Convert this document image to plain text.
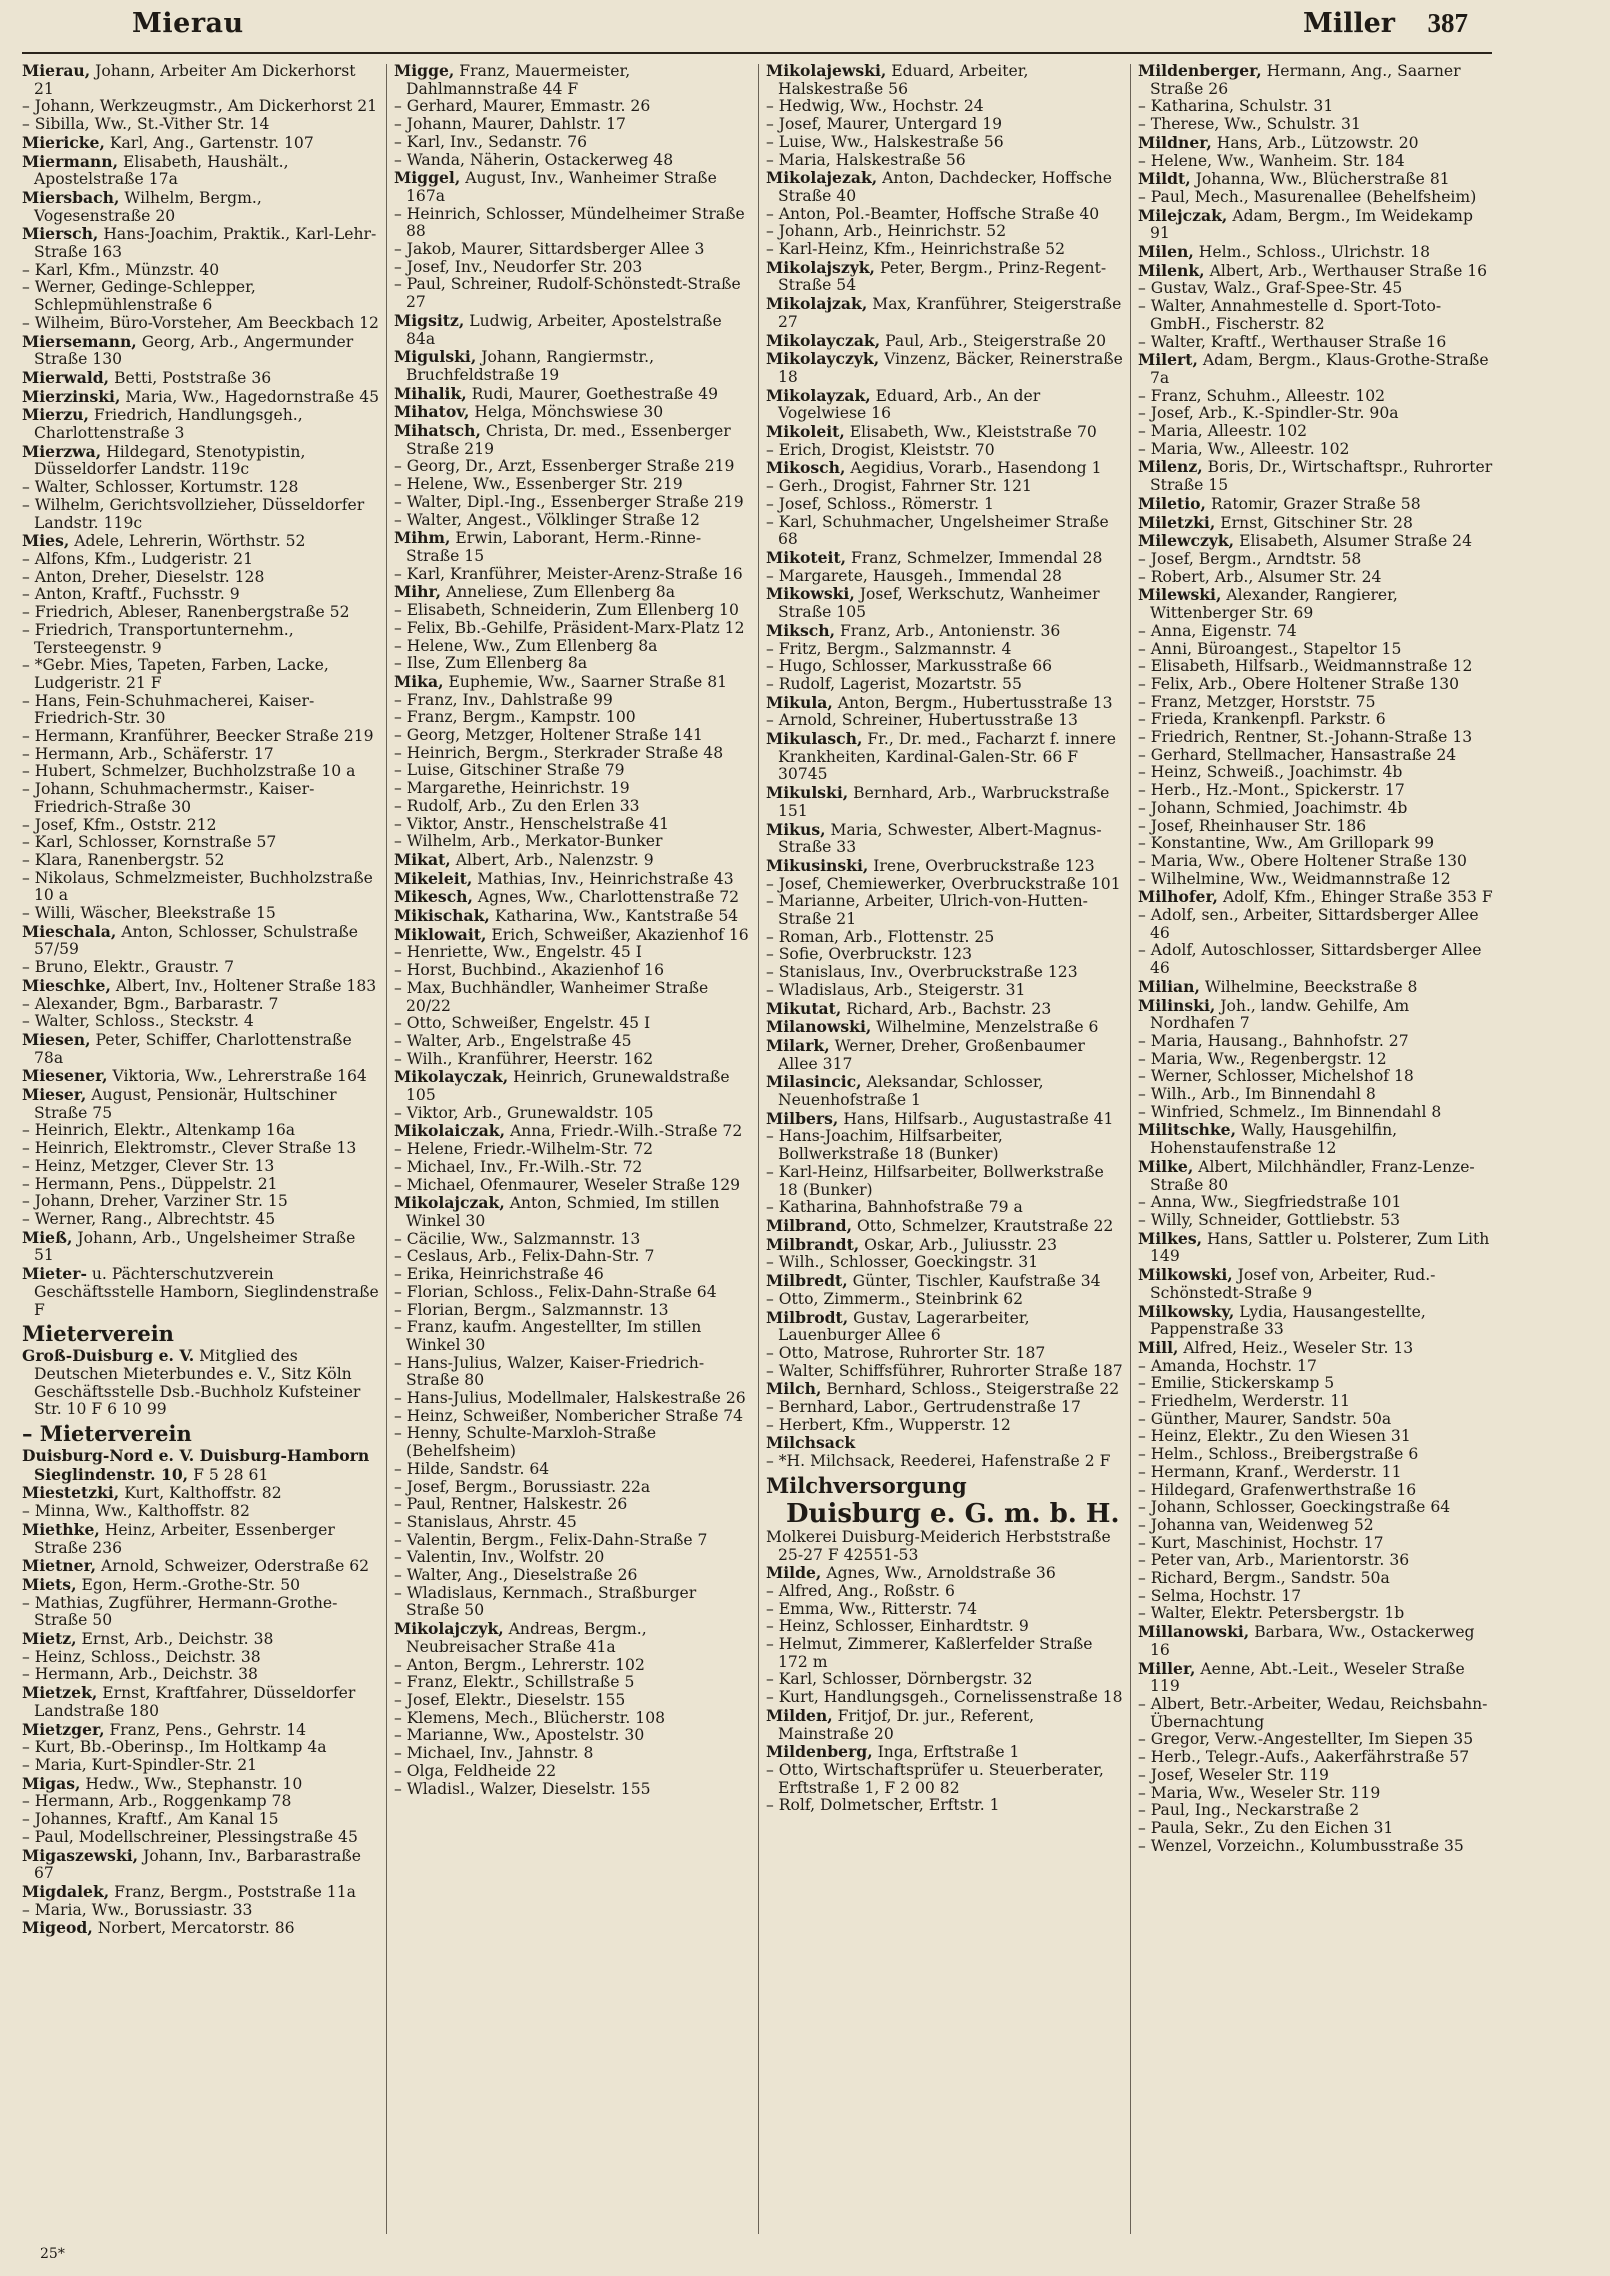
Mierau	Miller 387
Mierau, Johann, Arbeiter Am Dickerhorst 21
– Johann, Werkzeugmstr., Am Dickerhorst 21
– Sibilla, Ww., St.-Vither Str. 14
Miericke, Karl, Ang., Gartenstr. 107
Miermann, Elisabeth, Haushält., Apostelstraße 17a
Miersbach, Wilhelm, Bergm., Vogesenstraße 20
Miersch, Hans-Joachim, Praktik., Karl-Lehr-Straße 163
– Karl, Kfm., Münzstr. 40
– Werner, Gedinge-Schlepper, Schlepmühlenstraße 6
– Wilheim, Büro-Vorsteher, Am Beeckbach 12
Miersemann, Georg, Arb., Angermunder Straße 130
Mierwald, Betti, Poststraße 36
Mierzinski, Maria, Ww., Hagedornstraße 45
Mierzu, Friedrich, Handlungsgeh., Charlottenstraße 3
Mierzwa, Hildegard, Stenotypistin, Düsseldorfer Landstr. 119c
– Walter, Schlosser, Kortumstr. 128
– Wilhelm, Gerichtsvollzieher, Düsseldorfer Landstr. 119c
Mies, Adele, Lehrerin, Wörthstr. 52
– Alfons, Kfm., Ludgeristr. 21
– Anton, Dreher, Dieselstr. 128
– Anton, Kraftf., Fuchsstr. 9
– Friedrich, Ableser, Ranenbergstraße 52
– Friedrich, Transportunternehm., Tersteegenstr. 9
– *Gebr. Mies, Tapeten, Farben, Lacke, Ludgeristr. 21 F
– Hans, Fein-Schuhmacherei, Kaiser-Friedrich-Str. 30
– Hermann, Kranführer, Beecker Straße 219
– Hermann, Arb., Schäferstr. 17
– Hubert, Schmelzer, Buchholzstraße 10 a
– Johann, Schuhmachermstr., Kaiser-Friedrich-Straße 30
– Josef, Kfm., Oststr. 212
– Karl, Schlosser, Kornstraße 57
– Klara, Ranenbergstr. 52
– Nikolaus, Schmelzmeister, Buchholzstraße 10 a
– Willi, Wäscher, Bleekstraße 15
Mieschala, Anton, Schlosser, Schulstraße 57/59
– Bruno, Elektr., Graustr. 7
Mieschke, Albert, Inv., Holtener Straße 183
– Alexander, Bgm., Barbarastr. 7
– Walter, Schloss., Steckstr. 4
Miesen, Peter, Schiffer, Charlottenstraße 78a
Miesener, Viktoria, Ww., Lehrerstraße 164
Mieser, August, Pensionär, Hultschiner Straße 75
– Heinrich, Elektr., Altenkamp 16a
– Heinrich, Elektromstr., Clever Straße 13
– Heinz, Metzger, Clever Str. 13
– Hermann, Pens., Düppelstr. 21
– Johann, Dreher, Varziner Str. 15
– Werner, Rang., Albrechtstr. 45
Mieß, Johann, Arb., Ungelsheimer Straße 51
Mieter- u. Pächterschutzverein Geschäftsstelle Hamborn, Sieglindenstraße F
Mieterverein
Groß-Duisburg e. V. Mitglied des Deutschen Mieterbundes e. V., Sitz Köln Geschäftsstelle Dsb.-Buchholz Kufsteiner Str. 10 F 6 10 99
– Mieterverein
Duisburg-Nord e. V. Duisburg-Hamborn Sieglindenstr. 10, F 5 28 61
Miestetzki, Kurt, Kalthoffstr. 82
– Minna, Ww., Kalthoffstr. 82
Miethke, Heinz, Arbeiter, Essenberger Straße 236
Mietner, Arnold, Schweizer, Oderstraße 62
Miets, Egon, Herm.-Grothe-Str. 50
– Mathias, Zugführer, Hermann-Grothe-Straße 50
Mietz, Ernst, Arb., Deichstr. 38
– Heinz, Schloss., Deichstr. 38
– Hermann, Arb., Deichstr. 38
Mietzek, Ernst, Kraftfahrer, Düsseldorfer Landstraße 180
Mietzger, Franz, Pens., Gehrstr. 14
– Kurt, Bb.-Oberinsp., Im Holtkamp 4a
– Maria, Kurt-Spindler-Str. 21
Migas, Hedw., Ww., Stephanstr. 10
– Hermann, Arb., Roggenkamp 78
– Johannes, Kraftf., Am Kanal 15
– Paul, Modellschreiner, Plessingstraße 45
Migaszewski, Johann, Inv., Barbarastraße 67
Migdalek, Franz, Bergm., Poststraße 11a
– Maria, Ww., Borussiastr. 33
Migeod, Norbert, Mercatorstr. 86
Migge, Franz, Mauermeister, Dahlmannstraße 44 F
– Gerhard, Maurer, Emmastr. 26
– Johann, Maurer, Dahlstr. 17
– Karl, Inv., Sedanstr. 76
– Wanda, Näherin, Ostackerweg 48
Miggel, August, Inv., Wanheimer Straße 167a
– Heinrich, Schlosser, Mündelheimer Straße 88
– Jakob, Maurer, Sittardsberger Allee 3
– Josef, Inv., Neudorfer Str. 203
– Paul, Schreiner, Rudolf-Schönstedt-Straße 27
Migsitz, Ludwig, Arbeiter, Apostelstraße 84a
Migulski, Johann, Rangiermstr., Bruchfeldstraße 19
Mihalik, Rudi, Maurer, Goethestraße 49
Mihatov, Helga, Mönchswiese 30
Mihatsch, Christa, Dr. med., Essenberger Straße 219
– Georg, Dr., Arzt, Essenberger Straße 219
– Helene, Ww., Essenberger Str. 219
– Walter, Dipl.-Ing., Essenberger Straße 219
– Walter, Angest., Völklinger Straße 12
Mihm, Erwin, Laborant, Herm.-Rinne-Straße 15
– Karl, Kranführer, Meister-Arenz-Straße 16
Mihr, Anneliese, Zum Ellenberg 8a
– Elisabeth, Schneiderin, Zum Ellenberg 10
– Felix, Bb.-Gehilfe, Präsident-Marx-Platz 12
– Helene, Ww., Zum Ellenberg 8a
– Ilse, Zum Ellenberg 8a
Mika, Euphemie, Ww., Saarner Straße 81
– Franz, Inv., Dahlstraße 99
– Franz, Bergm., Kampstr. 100
– Georg, Metzger, Holtener Straße 141
– Heinrich, Bergm., Sterkrader Straße 48
– Luise, Gitschiner Straße 79
– Margarethe, Heinrichstr. 19
– Rudolf, Arb., Zu den Erlen 33
– Viktor, Anstr., Henschelstraße 41
– Wilhelm, Arb., Merkator-Bunker
Mikat, Albert, Arb., Nalenzstr. 9
Mikeleit, Mathias, Inv., Heinrichstraße 43
Mikesch, Agnes, Ww., Charlottenstraße 72
Mikischak, Katharina, Ww., Kantstraße 54
Miklowait, Erich, Schweißer, Akazienhof 16
– Henriette, Ww., Engelstr. 45 I
– Horst, Buchbind., Akazienhof 16
– Max, Buchhändler, Wanheimer Straße 20/22
– Otto, Schweißer, Engelstr. 45 I
– Walter, Arb., Engelstraße 45
– Wilh., Kranführer, Heerstr. 162
Mikolayczak, Heinrich, Grunewaldstraße 105
– Viktor, Arb., Grunewaldstr. 105
Mikolaiczak, Anna, Friedr.-Wilh.-Straße 72
– Helene, Friedr.-Wilhelm-Str. 72
– Michael, Inv., Fr.-Wilh.-Str. 72
– Michael, Ofenmaurer, Weseler Straße 129
Mikolajczak, Anton, Schmied, Im stillen Winkel 30
– Cäcilie, Ww., Salzmannstr. 13
– Ceslaus, Arb., Felix-Dahn-Str. 7
– Erika, Heinrichstraße 46
– Florian, Schloss., Felix-Dahn-Straße 64
– Florian, Bergm., Salzmannstr. 13
– Franz, kaufm. Angestellter, Im stillen Winkel 30
– Hans-Julius, Walzer, Kaiser-Friedrich-Straße 80
– Hans-Julius, Modellmaler, Halskestraße 26
– Heinz, Schweißer, Nombericher Straße 74
– Henny, Schulte-Marxloh-Straße (Behelfsheim)
– Hilde, Sandstr. 64
– Josef, Bergm., Borussiastr. 22a
– Paul, Rentner, Halskestr. 26
– Stanislaus, Ahrstr. 45
– Valentin, Bergm., Felix-Dahn-Straße 7
– Valentin, Inv., Wolfstr. 20
– Walter, Ang., Dieselstraße 26
– Wladislaus, Kernmach., Straßburger Straße 50
Mikolajczyk, Andreas, Bergm., Neubreisacher Straße 41a
– Anton, Bergm., Lehrerstr. 102
– Franz, Elektr., Schillstraße 5
– Josef, Elektr., Dieselstr. 155
– Klemens, Mech., Blücherstr. 108
– Marianne, Ww., Apostelstr. 30
– Michael, Inv., Jahnstr. 8
– Olga, Feldheide 22
– Wladisl., Walzer, Dieselstr. 155
Mikolajewski, Eduard, Arbeiter, Halskestraße 56
– Hedwig, Ww., Hochstr. 24
– Josef, Maurer, Untergard 19
– Luise, Ww., Halskestraße 56
– Maria, Halskestraße 56
Mikolajezak, Anton, Dachdecker, Hoffsche Straße 40
– Anton, Pol.-Beamter, Hoffsche Straße 40
– Johann, Arb., Heinrichstr. 52
– Karl-Heinz, Kfm., Heinrichstraße 52
Mikolajszyk, Peter, Bergm., Prinz-Regent-Straße 54
Mikolajzak, Max, Kranführer, Steigerstraße 27
Mikolayczak, Paul, Arb., Steigerstraße 20
Mikolayczyk, Vinzenz, Bäcker, Reinerstraße 18
Mikolayzak, Eduard, Arb., An der Vogelwiese 16
Mikoleit, Elisabeth, Ww., Kleiststraße 70
– Erich, Drogist, Kleiststr. 70
Mikosch, Aegidius, Vorarb., Hasendong 1
– Gerh., Drogist, Fahrner Str. 121
– Josef, Schloss., Römerstr. 1
– Karl, Schuhmacher, Ungelsheimer Straße 68
Mikoteit, Franz, Schmelzer, Immendal 28
– Margarete, Hausgeh., Immendal 28
Mikowski, Josef, Werkschutz, Wanheimer Straße 105
Miksch, Franz, Arb., Antonienstr. 36
– Fritz, Bergm., Salzmannstr. 4
– Hugo, Schlosser, Markusstraße 66
– Rudolf, Lagerist, Mozartstr. 55
Mikula, Anton, Bergm., Hubertusstraße 13
– Arnold, Schreiner, Hubertusstraße 13
Mikulasch, Fr., Dr. med., Facharzt f. innere Krankheiten, Kardinal-Galen-Str. 66 F 30745
Mikulski, Bernhard, Arb., Warbruckstraße 151
Mikus, Maria, Schwester, Albert-Magnus-Straße 33
Mikusinski, Irene, Overbruckstraße 123
– Josef, Chemiewerker, Overbruckstraße 101
– Marianne, Arbeiter, Ulrich-von-Hutten-Straße 21
– Roman, Arb., Flottenstr. 25
– Sofie, Overbruckstr. 123
– Stanislaus, Inv., Overbruckstraße 123
– Wladislaus, Arb., Steigerstr. 31
Mikutat, Richard, Arb., Bachstr. 23
Milanowski, Wilhelmine, Menzelstraße 6
Milark, Werner, Dreher, Großenbaumer Allee 317
Milasincic, Aleksandar, Schlosser, Neuenhofstraße 1
Milbers, Hans, Hilfsarb., Augustastraße 41
– Hans-Joachim, Hilfsarbeiter, Bollwerkstraße 18 (Bunker)
– Karl-Heinz, Hilfsarbeiter, Bollwerkstraße 18 (Bunker)
– Katharina, Bahnhofstraße 79 a
Milbrand, Otto, Schmelzer, Krautstraße 22
Milbrandt, Oskar, Arb., Juliusstr. 23
– Wilh., Schlosser, Goeckingstr. 31
Milbredt, Günter, Tischler, Kaufstraße 34
– Otto, Zimmerm., Steinbrink 62
Milbrodt, Gustav, Lagerarbeiter, Lauenburger Allee 6
– Otto, Matrose, Ruhrorter Str. 187
– Walter, Schiffsführer, Ruhrorter Straße 187
Milch, Bernhard, Schloss., Steigerstraße 22
– Bernhard, Labor., Gertrudenstraße 17
– Herbert, Kfm., Wupperstr. 12
Milchsack
– *H. Milchsack, Reederei, Hafenstraße 2 F
Milchversorgung
Duisburg e. G. m. b. H.
Molkerei Duisburg-Meiderich Herbststraße 25-27 F 42551-53
Milde, Agnes, Ww., Arnoldstraße 36
– Alfred, Ang., Roßstr. 6
– Emma, Ww., Ritterstr. 74
– Heinz, Schlosser, Einhardtstr. 9
– Helmut, Zimmerer, Kaßlerfelder Straße 172 m
– Karl, Schlosser, Dörnbergstr. 32
– Kurt, Handlungsgeh., Cornelissenstraße 18
Milden, Fritjof, Dr. jur., Referent, Mainstraße 20
Mildenberg, Inga, Erftstraße 1
– Otto, Wirtschaftsprüfer u. Steuerberater, Erftstraße 1, F 2 00 82
– Rolf, Dolmetscher, Erftstr. 1
Mildenberger, Hermann, Ang., Saarner Straße 26
– Katharina, Schulstr. 31
– Therese, Ww., Schulstr. 31
Mildner, Hans, Arb., Lützowstr. 20
– Helene, Ww., Wanheim. Str. 184
Mildt, Johanna, Ww., Blücherstraße 81
– Paul, Mech., Masurenallee (Behelfsheim)
Milejczak, Adam, Bergm., Im Weidekamp 91
Milen, Helm., Schloss., Ulrichstr. 18
Milenk, Albert, Arb., Werthauser Straße 16
– Gustav, Walz., Graf-Spee-Str. 45
– Walter, Annahmestelle d. Sport-Toto-GmbH., Fischerstr. 82
– Walter, Kraftf., Werthauser Straße 16
Milert, Adam, Bergm., Klaus-Grothe-Straße 7a
– Franz, Schuhm., Alleestr. 102
– Josef, Arb., K.-Spindler-Str. 90a
– Maria, Alleestr. 102
– Maria, Ww., Alleestr. 102
Milenz, Boris, Dr., Wirtschaftspr., Ruhrorter Straße 15
Miletio, Ratomir, Grazer Straße 58
Miletzki, Ernst, Gitschiner Str. 28
Milewczyk, Elisabeth, Alsumer Straße 24
– Josef, Bergm., Arndtstr. 58
– Robert, Arb., Alsumer Str. 24
Milewski, Alexander, Rangierer, Wittenberger Str. 69
– Anna, Eigenstr. 74
– Anni, Büroangest., Stapeltor 15
– Elisabeth, Hilfsarb., Weidmannstraße 12
– Felix, Arb., Obere Holtener Straße 130
– Franz, Metzger, Horststr. 75
– Frieda, Krankenpfl. Parkstr. 6
– Friedrich, Rentner, St.-Johann-Straße 13
– Gerhard, Stellmacher, Hansastraße 24
– Heinz, Schweiß., Joachimstr. 4b
– Herb., Hz.-Mont., Spickerstr. 17
– Johann, Schmied, Joachimstr. 4b
– Josef, Rheinhauser Str. 186
– Konstantine, Ww., Am Grillopark 99
– Maria, Ww., Obere Holtener Straße 130
– Wilhelmine, Ww., Weidmannstraße 12
Milhofer, Adolf, Kfm., Ehinger Straße 353 F
– Adolf, sen., Arbeiter, Sittardsberger Allee 46
– Adolf, Autoschlosser, Sittardsberger Allee 46
Milian, Wilhelmine, Beeckstraße 8
Milinski, Joh., landw. Gehilfe, Am Nordhafen 7
– Maria, Hausang., Bahnhofstr. 27
– Maria, Ww., Regenbergstr. 12
– Werner, Schlosser, Michelshof 18
– Wilh., Arb., Im Binnendahl 8
– Winfried, Schmelz., Im Binnendahl 8
Militschke, Wally, Hausgehilfin, Hohenstaufenstraße 12
Milke, Albert, Milchhändler, Franz-Lenze-Straße 80
– Anna, Ww., Siegfriedstraße 101
– Willy, Schneider, Gottliebstr. 53
Milkes, Hans, Sattler u. Polsterer, Zum Lith 149
Milkowski, Josef von, Arbeiter, Rud.-Schönstedt-Straße 9
Milkowsky, Lydia, Hausangestellte, Pappenstraße 33
Mill, Alfred, Heiz., Weseler Str. 13
– Amanda, Hochstr. 17
– Emilie, Stickerskamp 5
– Friedhelm, Werderstr. 11
– Günther, Maurer, Sandstr. 50a
– Heinz, Elektr., Zu den Wiesen 31
– Helm., Schloss., Breibergstraße 6
– Hermann, Kranf., Werderstr. 11
– Hildegard, Grafenwerthstraße 16
– Johann, Schlosser, Goeckingstraße 64
– Johanna van, Weidenweg 52
– Kurt, Maschinist, Hochstr. 17
– Peter van, Arb., Marientorstr. 36
– Richard, Bergm., Sandstr. 50a
– Selma, Hochstr. 17
– Walter, Elektr. Petersbergstr. 1b
Millanowski, Barbara, Ww., Ostackerweg 16
Miller, Aenne, Abt.-Leit., Weseler Straße 119
– Albert, Betr.-Arbeiter, Wedau, Reichsbahn-Übernachtung
– Gregor, Verw.-Angestellter, Im Siepen 35
– Herb., Telegr.-Aufs., Aakerfährstraße 57
– Josef, Weseler Str. 119
– Maria, Ww., Weseler Str. 119
– Paul, Ing., Neckarstraße 2
– Paula, Sekr., Zu den Eichen 31
– Wenzel, Vorzeichn., Kolumbusstraße 35
25*
